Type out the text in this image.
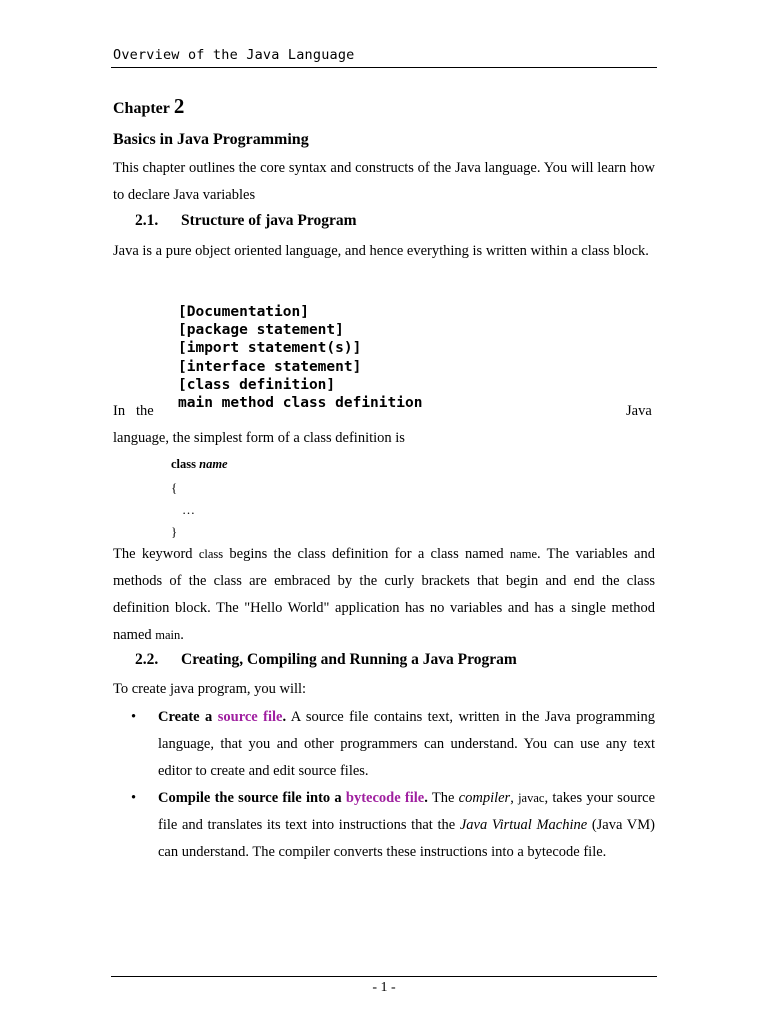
Overview of the Java Language
Chapter 2
Basics in Java Programming
This chapter outlines the core syntax and constructs of the Java language. You will learn how to declare Java variables
2.1. Structure of java Program
Java is a pure object oriented language, and hence everything is written within a class block.
[Documentation]
[package statement]
[import statement(s)]
[interface statement]
[class definition]
main method class definition
In   the	Java
language, the simplest form of a class definition is
class name
{
…
}
The keyword class begins the class definition for a class named name. The variables and methods of the class are embraced by the curly brackets that begin and end the class definition block. The "Hello World" application has no variables and has a single method named main.
2.2. Creating, Compiling and Running a Java Program
To create java program, you will:
• Create a source file. A source file contains text, written in the Java programming language, that you and other programmers can understand. You can use any text editor to create and edit source files.
• Compile the source file into a bytecode file. The compiler, javac, takes your source file and translates its text into instructions that the Java Virtual Machine (Java VM) can understand. The compiler converts these instructions into a bytecode file.
- 1 -
